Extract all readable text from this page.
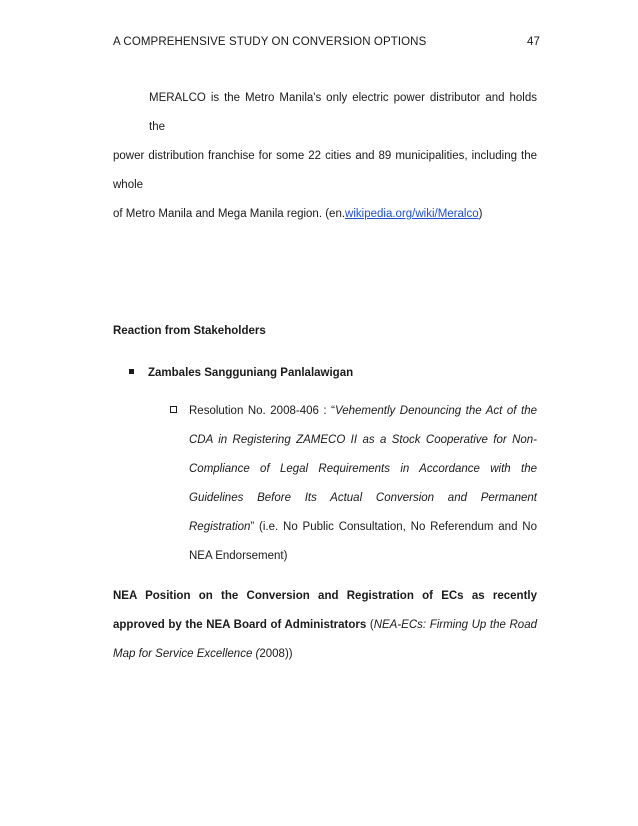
A COMPREHENSIVE STUDY ON CONVERSION OPTIONS	47
MERALCO is the Metro Manila's only electric power distributor and holds the
power distribution franchise for some 22 cities and 89 municipalities, including the whole
of Metro Manila and Mega Manila region. (en.wikipedia.org/wiki/Meralco)
Reaction from Stakeholders
Zambales Sangguniang Panlalawigan
Resolution No. 2008-406 : “Vehemently Denouncing the Act of the CDA in Registering ZAMECO II as a Stock Cooperative for Non-Compliance of Legal Requirements in Accordance with the Guidelines Before Its Actual Conversion and Permanent Registration” (i.e. No Public Consultation, No Referendum and No NEA Endorsement)
NEA Position on the Conversion and Registration of ECs as recently approved by the NEA Board of Administrators (NEA-ECs: Firming Up the Road Map for Service Excellence (2008))
